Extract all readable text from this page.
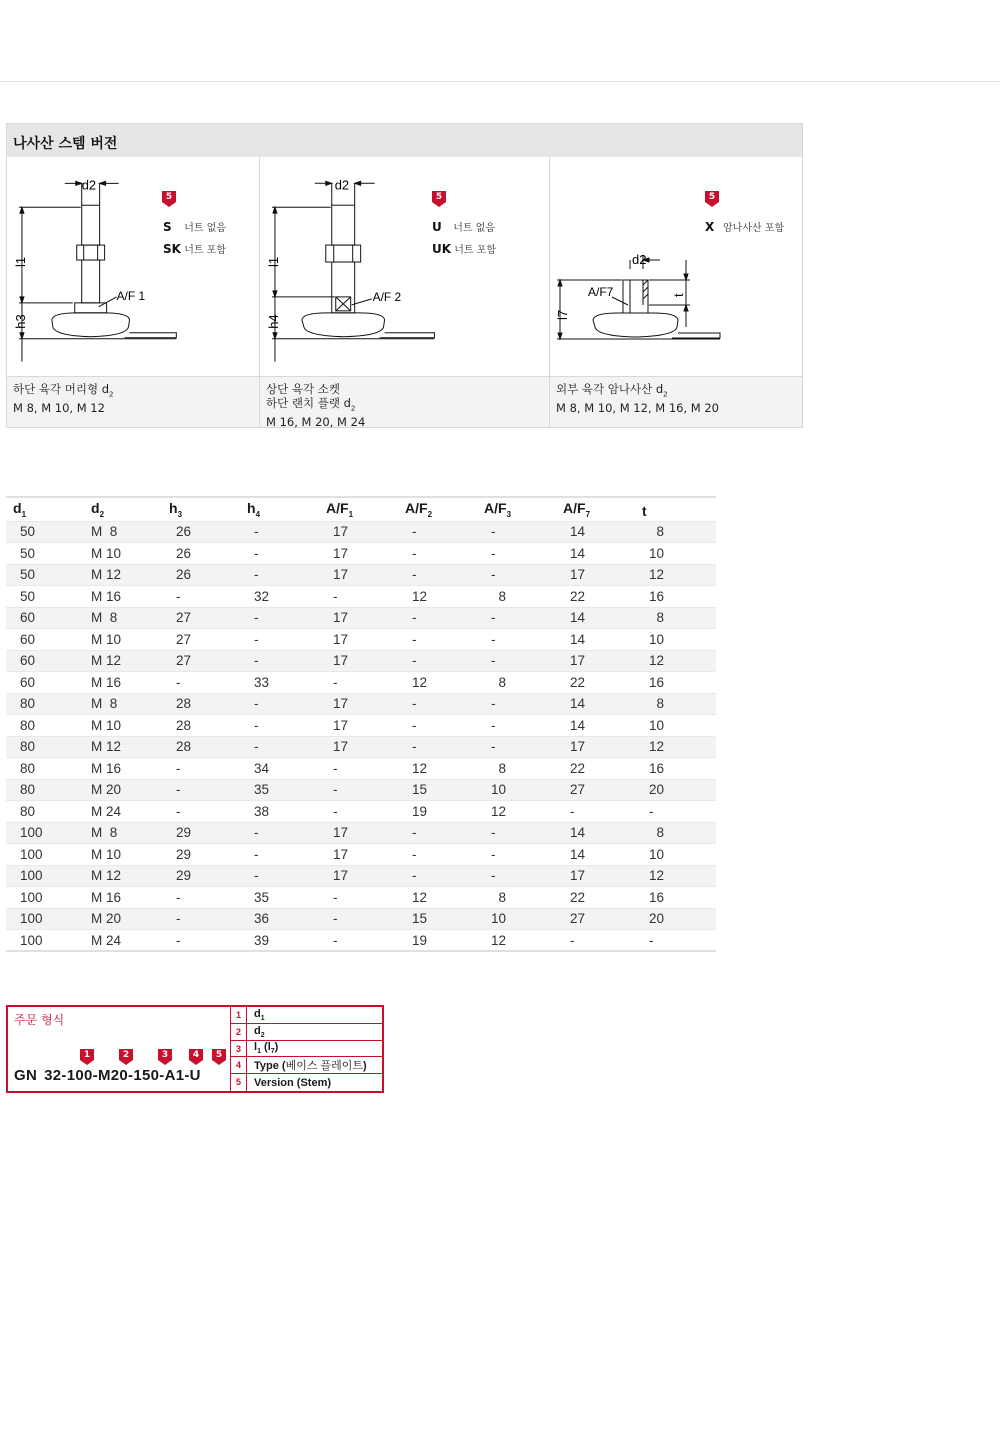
나사산 스템 버전
d2
A/F 1
l1
h3
5
S 너트 없음
SK 너트 포함
하단 육각 머리형 $d_2$
M 8, M 10, M 12
d2
A/F 2
l1
h4
5
U 너트 없음
UK 너트 포함
상단 육각 소켓
하단 랜치 플랫 $d_2$
M 16, M 20, M 24
d2
A/F7
l7
t
5
X 암나사산 포함
외부 육각 암나사산 $d_2$
M 8, M 10, M 12, M 16, M 20
$d_1$	$d_2$	$h_3$	$h_4$	$A/F_1$	$A/F_2$	$A/F_3$	$A/F_7$	t
50	M  8	26	-	17	-	-	14	8
50	M 10	26	-	17	-	-	14	10
50	M 12	26	-	17	-	-	17	12
50	M 16	-	32	-	12	8	22	16
60	M  8	27	-	17	-	-	14	8
60	M 10	27	-	17	-	-	14	10
60	M 12	27	-	17	-	-	17	12
60	M 16	-	33	-	12	8	22	16
80	M  8	28	-	17	-	-	14	8
80	M 10	28	-	17	-	-	14	10
80	M 12	28	-	17	-	-	17	12
80	M 16	-	34	-	12	8	22	16
80	M 20	-	35	-	15	10	27	20
80	M 24	-	38	-	19	12	-	-
100	M  8	29	-	17	-	-	14	8
100	M 10	29	-	17	-	-	14	10
100	M 12	29	-	17	-	-	17	12
100	M 16	-	35	-	12	8	22	16
100	M 20	-	36	-	15	10	27	20
100	M 24	-	39	-	19	12	-	-
주문 형식
1	2	3	4	5
GN 32-100-M20-150-A1-U
1	$d_1$
2	$d_2$
3	$l_1$ $(l_7)$
4	Type (베이스 플레이트)
5	Version (Stem)
